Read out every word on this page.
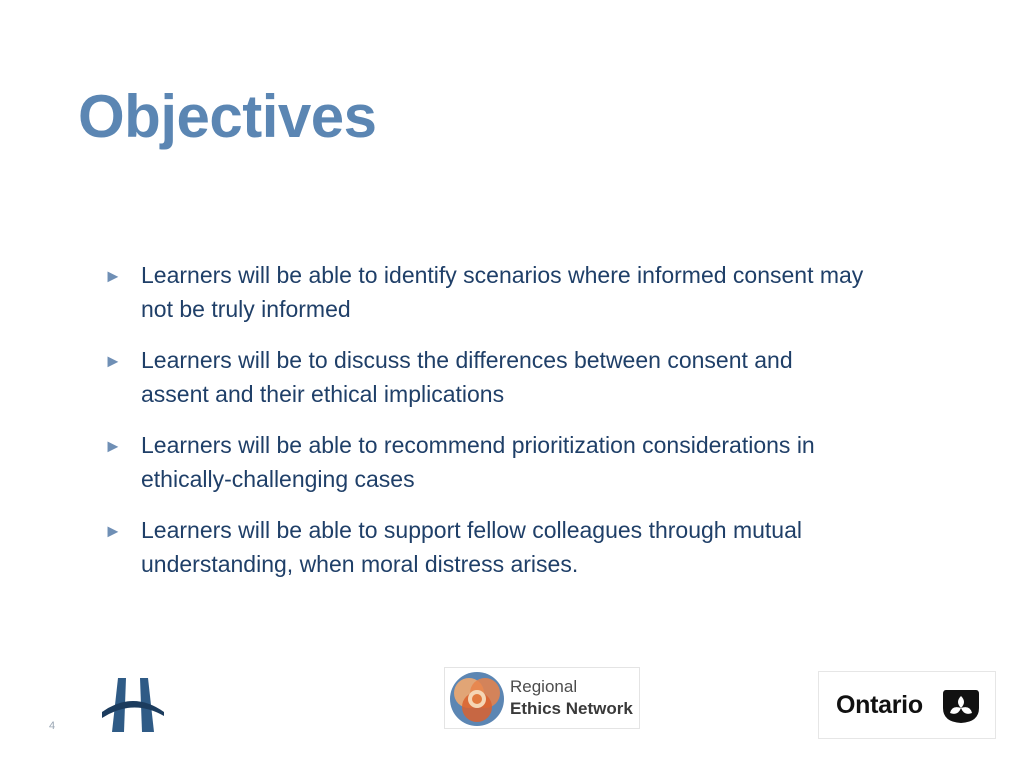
Objectives
► Learners will be able to identify scenarios where informed consent may
not be truly informed
► Learners will be to discuss the differences between consent and
assent and their ethical implications
► Learners will be able to recommend prioritization considerations in
ethically-challenging cases
► Learners will be able to support fellow colleagues through mutual
understanding, when moral distress arises.
4
Regional
Ethics Network	Ontario
